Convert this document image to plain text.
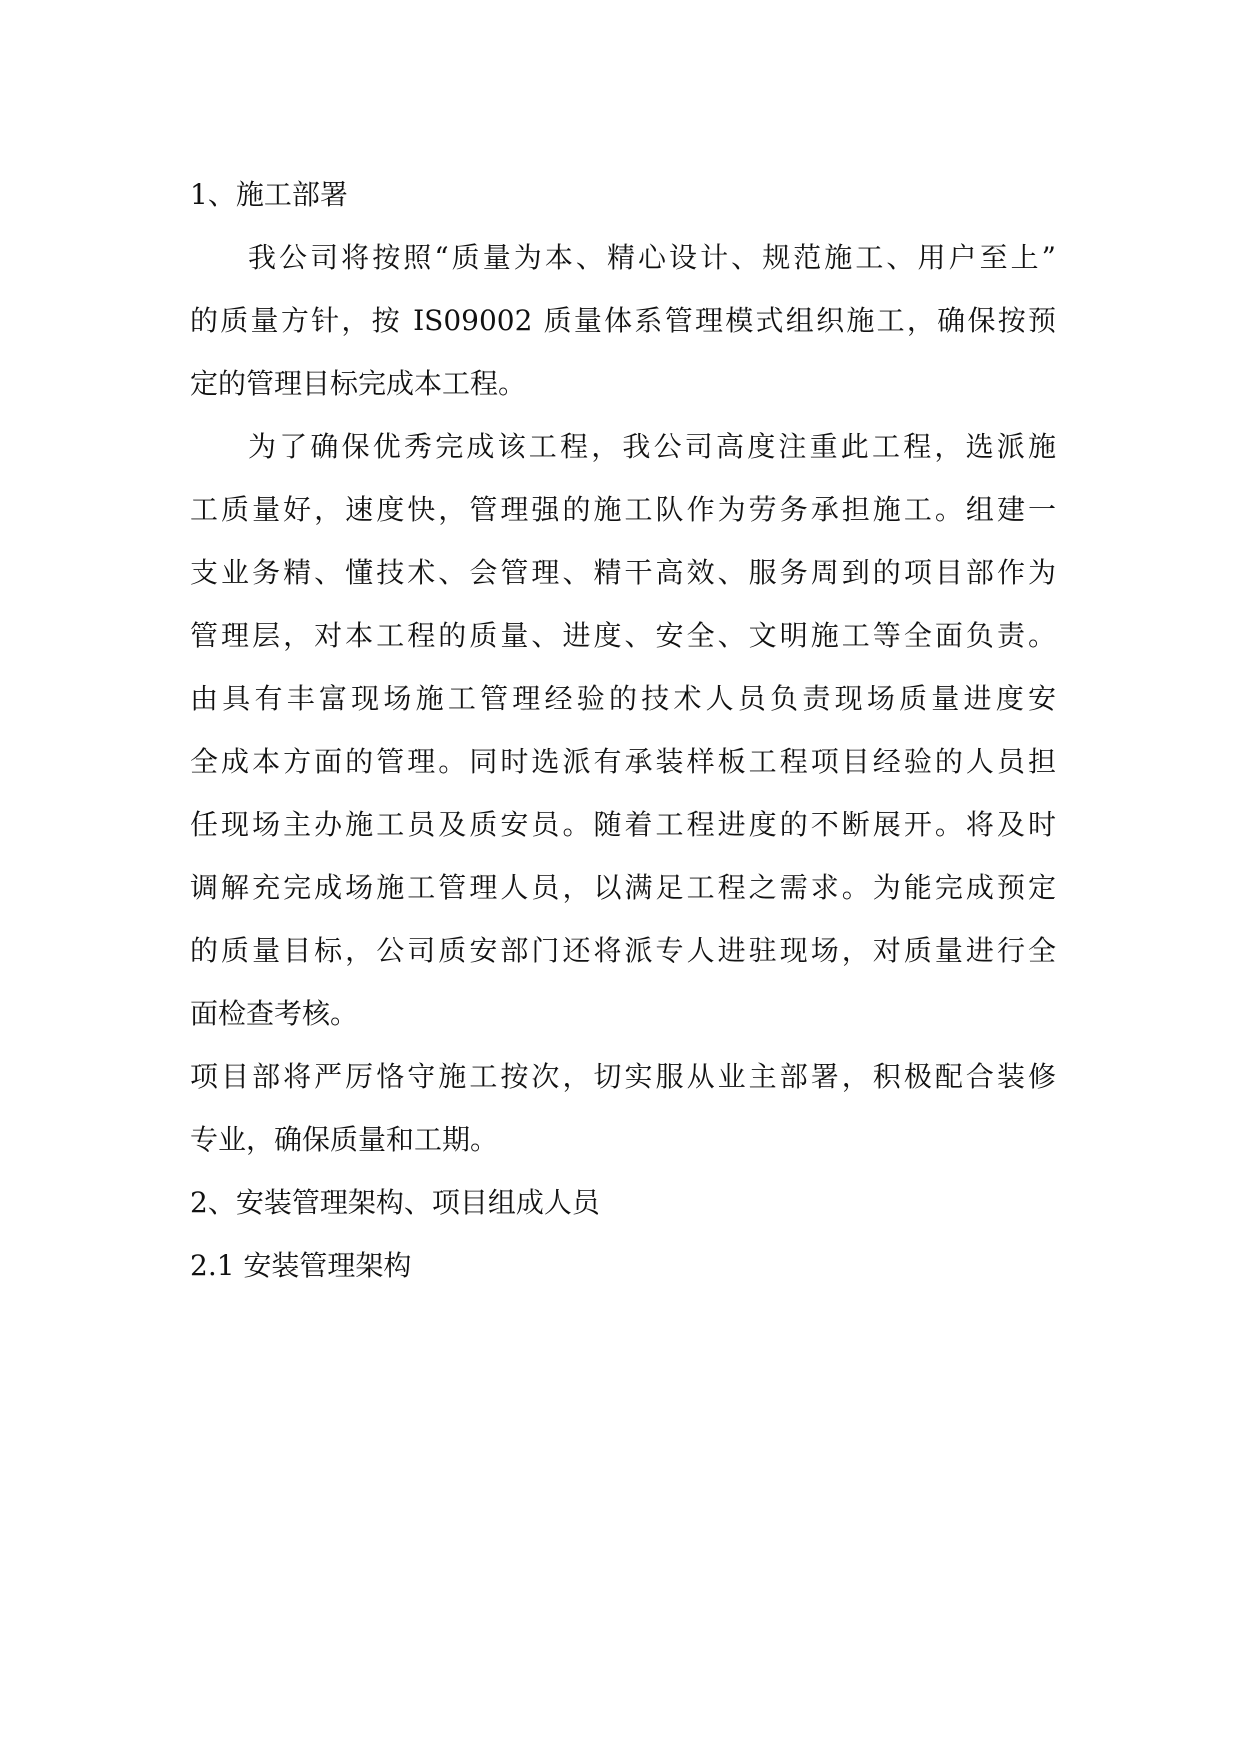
1、施工部署
我公司将按照“质量为本、精心设计、规范施工、用户至上”
的质量方针，按 IS09002 质量体系管理模式组织施工，确保按预
定的管理目标完成本工程。
为了确保优秀完成该工程，我公司高度注重此工程，选派施
工质量好，速度快，管理强的施工队作为劳务承担施工。组建一
支业务精、懂技术、会管理、精干高效、服务周到的项目部作为
管理层，对本工程的质量、进度、安全、文明施工等全面负责。
由具有丰富现场施工管理经验的技术人员负责现场质量进度安
全成本方面的管理。同时选派有承装样板工程项目经验的人员担
任现场主办施工员及质安员。随着工程进度的不断展开。将及时
调解充完成场施工管理人员，以满足工程之需求。为能完成预定
的质量目标，公司质安部门还将派专人进驻现场，对质量进行全
面检查考核。
项目部将严厉恪守施工按次，切实服从业主部署，积极配合装修
专业，确保质量和工期。
2、安装管理架构、项目组成人员
2.1 安装管理架构
